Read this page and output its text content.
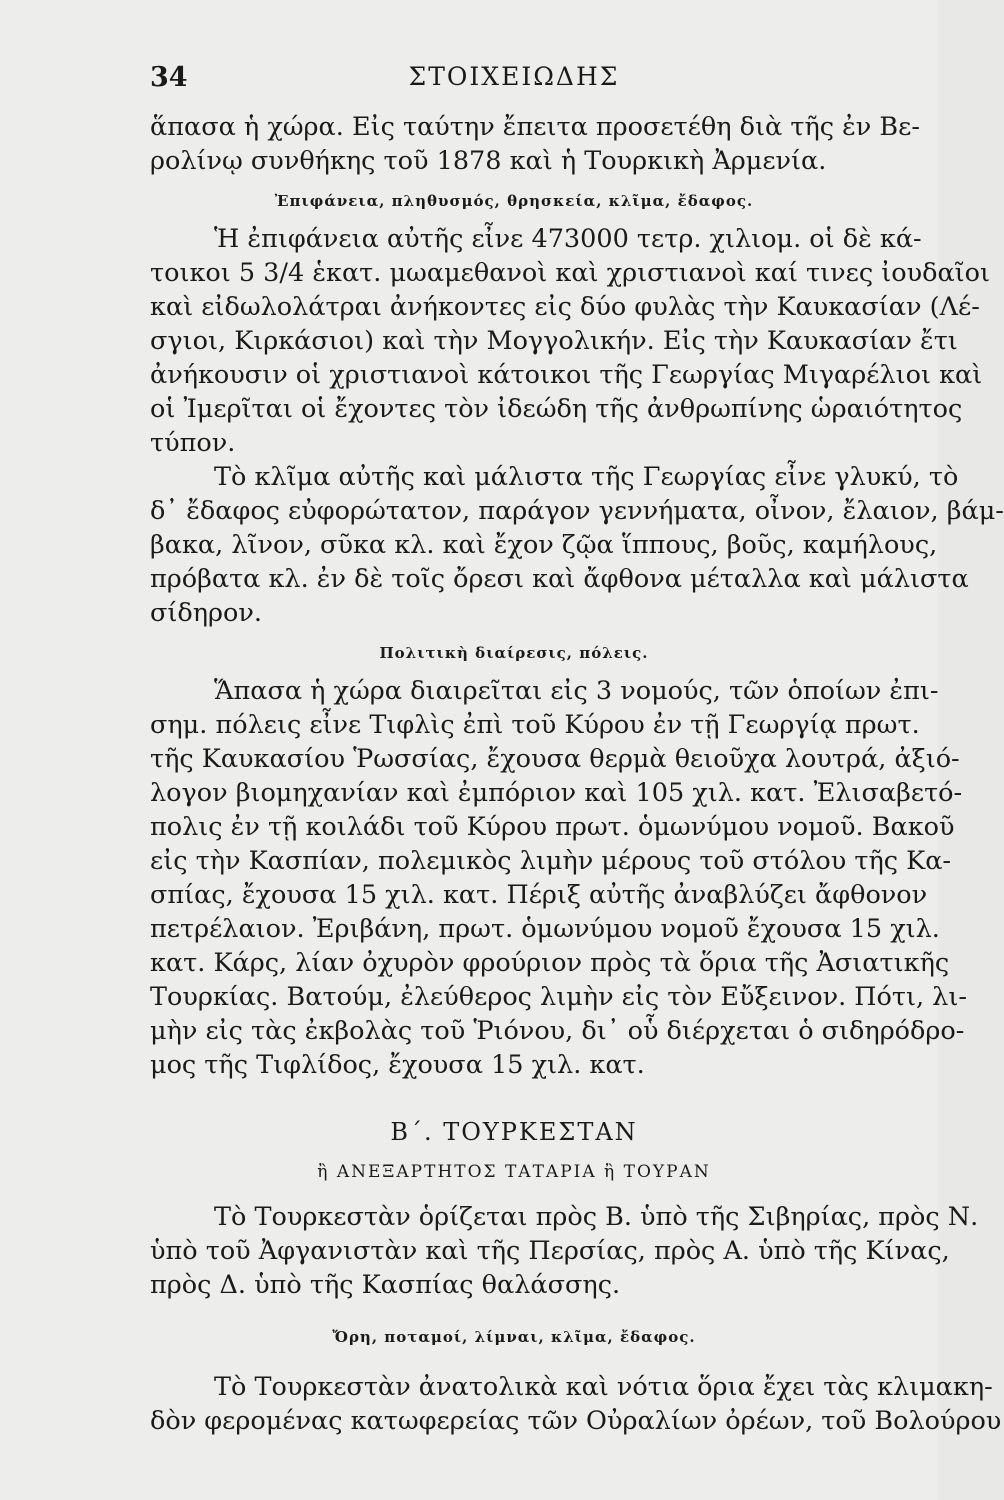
34	ΣΤΟΙΧΕΙΩΔΗΣ
ἅπασα ἡ χώρα. Εἰς ταύτην ἔπειτα προσετέθη διὰ τῆς ἐν Βε-
ρολίνῳ συνθήκης τοῦ 1878 καὶ ἡ Τουρκικὴ Ἀρμενία.
Ἐπιφάνεια, πληθυσμός, θρησκεία, κλῖμα, ἔδαφος.
Ἡ ἐπιφάνεια αὐτῆς εἶνε 473000 τετρ. χιλιομ. οἱ δὲ κά-
τοικοι 5 3/4 ἑκατ. μωαμεθανοὶ καὶ χριστιανοὶ καί τινες ἰουδαῖοι
καὶ εἰδωλολάτραι ἀνήκοντες εἰς δύο φυλὰς τὴν Καυκασίαν (Λέ-
σγιοι, Κιρκάσιοι) καὶ τὴν Μογγολικήν. Εἰς τὴν Καυκασίαν ἔτι
ἀνήκουσιν οἱ χριστιανοὶ κάτοικοι τῆς Γεωργίας Μιγαρέλιοι καὶ
οἱ Ἰμερῖται οἱ ἔχοντες τὸν ἰδεώδη τῆς ἀνθρωπίνης ὡραιότητος
τύπον.
Τὸ κλῖμα αὐτῆς καὶ μάλιστα τῆς Γεωργίας εἶνε γλυκύ, τὸ
δ᾽ ἔδαφος εὐφορώτατον, παράγον γεννήματα, οἶνον, ἔλαιον, βάμ-
βακα, λῖνον, σῦκα κλ. καὶ ἔχον ζῷα ἵππους, βοῦς, καμήλους,
πρόβατα κλ. ἐν δὲ τοῖς ὄρεσι καὶ ἄφθονα μέταλλα καὶ μάλιστα
σίδηρον.
Πολιτικὴ διαίρεσις, πόλεις.
Ἅπασα ἡ χώρα διαιρεῖται εἰς 3 νομούς, τῶν ὁποίων ἐπι-
σημ. πόλεις εἶνε Τιφλὶς ἐπὶ τοῦ Κύρου ἐν τῇ Γεωργίᾳ πρωτ.
τῆς Καυκασίου Ῥωσσίας, ἔχουσα θερμὰ θειοῦχα λουτρά, ἀξιό-
λογον βιομηχανίαν καὶ ἐμπόριον καὶ 105 χιλ. κατ. Ἐλισαβετό-
πολις ἐν τῇ κοιλάδι τοῦ Κύρου πρωτ. ὁμωνύμου νομοῦ. Βακοῦ
εἰς τὴν Κασπίαν, πολεμικὸς λιμὴν μέρους τοῦ στόλου τῆς Κα-
σπίας, ἔχουσα 15 χιλ. κατ. Πέριξ αὐτῆς ἀναβλύζει ἄφθονον
πετρέλαιον. Ἐριβάνη, πρωτ. ὁμωνύμου νομοῦ ἔχουσα 15 χιλ.
κατ. Κάρς, λίαν ὀχυρὸν φρούριον πρὸς τὰ ὅρια τῆς Ἀσιατικῆς
Τουρκίας. Βατούμ, ἐλεύθερος λιμὴν εἰς τὸν Εὔξεινον. Πότι, λι-
μὴν εἰς τὰς ἐκβολὰς τοῦ Ῥιόνου, δι᾽ οὗ διέρχεται ὁ σιδηρόδρο-
μος τῆς Τιφλίδος, ἔχουσα 15 χιλ. κατ.
Β´. ΤΟΥΡΚΕΣΤΑΝ
ἢ ΑΝΕΞΑΡΤΗΤΟΣ ΤΑΤΑΡΙΑ ἢ ΤΟΥΡΑΝ
Τὸ Τουρκεστὰν ὁρίζεται πρὸς Β. ὑπὸ τῆς Σιβηρίας, πρὸς Ν.
ὑπὸ τοῦ Ἀφγανιστὰν καὶ τῆς Περσίας, πρὸς Α. ὑπὸ τῆς Κίνας,
πρὸς Δ. ὑπὸ τῆς Κασπίας θαλάσσης.
Ὄρη, ποταμοί, λίμναι, κλῖμα, ἔδαφος.
Τὸ Τουρκεστὰν ἀνατολικὰ καὶ νότια ὅρια ἔχει τὰς κλιμακη-
δὸν φερομένας κατωφερείας τῶν Οὐραλίων ὀρέων, τοῦ Βολούρου
